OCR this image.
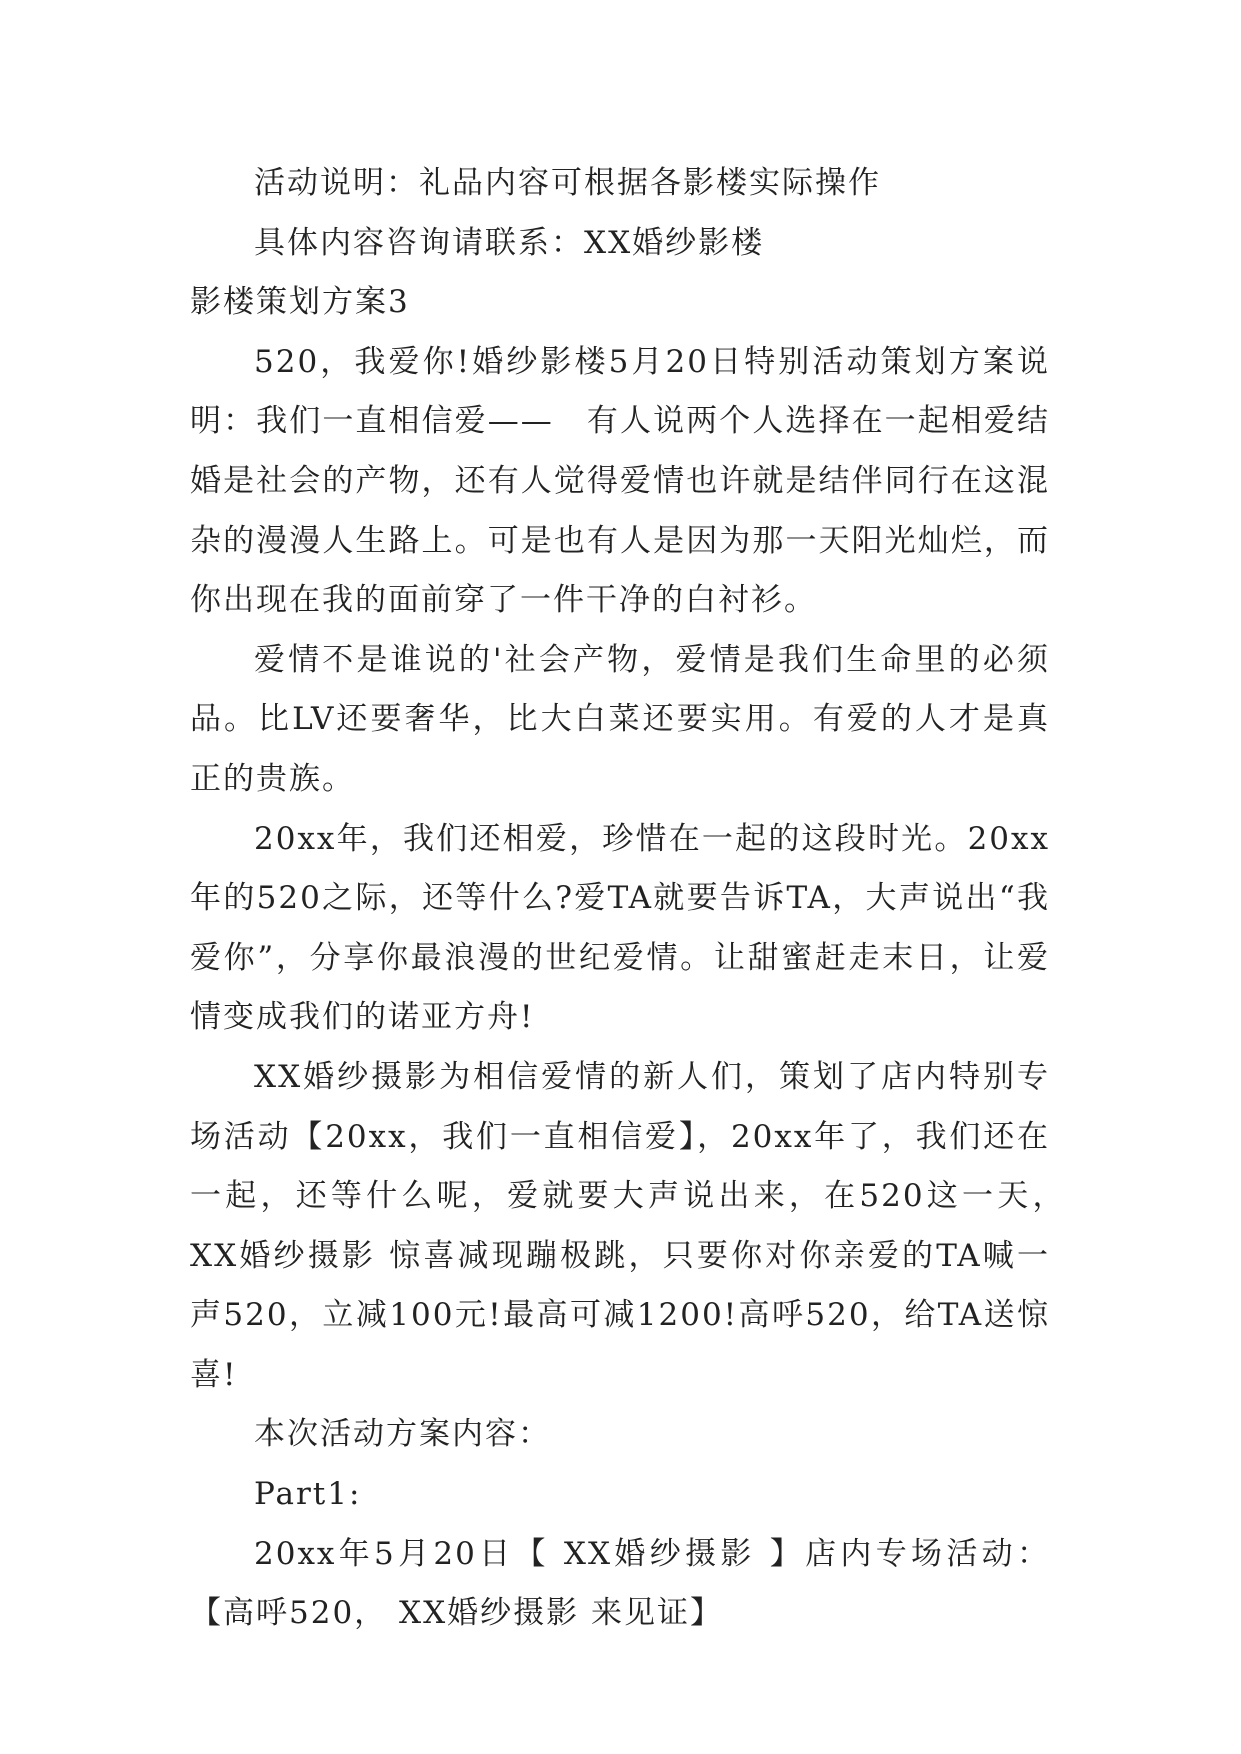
活动说明：礼品内容可根据各影楼实际操作

具体内容咨询请联系：XX婚纱影楼

影楼策划方案3

520，我爱你!婚纱影楼5月20日特别活动策划方案说明：我们一直相信爱——　有人说两个人选择在一起相爱结婚是社会的产物，还有人觉得爱情也许就是结伴同行在这混杂的漫漫人生路上。可是也有人是因为那一天阳光灿烂，而你出现在我的面前穿了一件干净的白衬衫。

爱情不是谁说的'社会产物，爱情是我们生命里的必须品。比LV还要奢华，比大白菜还要实用。有爱的人才是真正的贵族。

20xx年，我们还相爱，珍惜在一起的这段时光。20xx年的520之际，还等什么?爱TA就要告诉TA，大声说出“我爱你”，分享你最浪漫的世纪爱情。让甜蜜赶走末日，让爱情变成我们的诺亚方舟!

XX婚纱摄影为相信爱情的新人们，策划了店内特别专场活动【20xx，我们一直相信爱】，20xx年了，我们还在一起，还等什么呢，爱就要大声说出来，在520这一天，　XX婚纱摄影 惊喜减现蹦极跳，只要你对你亲爱的TA喊一声520，立减100元!最高可减1200!高呼520，给TA送惊喜!

本次活动方案内容：

Part1:

20xx年5月20日【 XX婚纱摄影 】店内专场活动：【高呼520， XX婚纱摄影 来见证】
